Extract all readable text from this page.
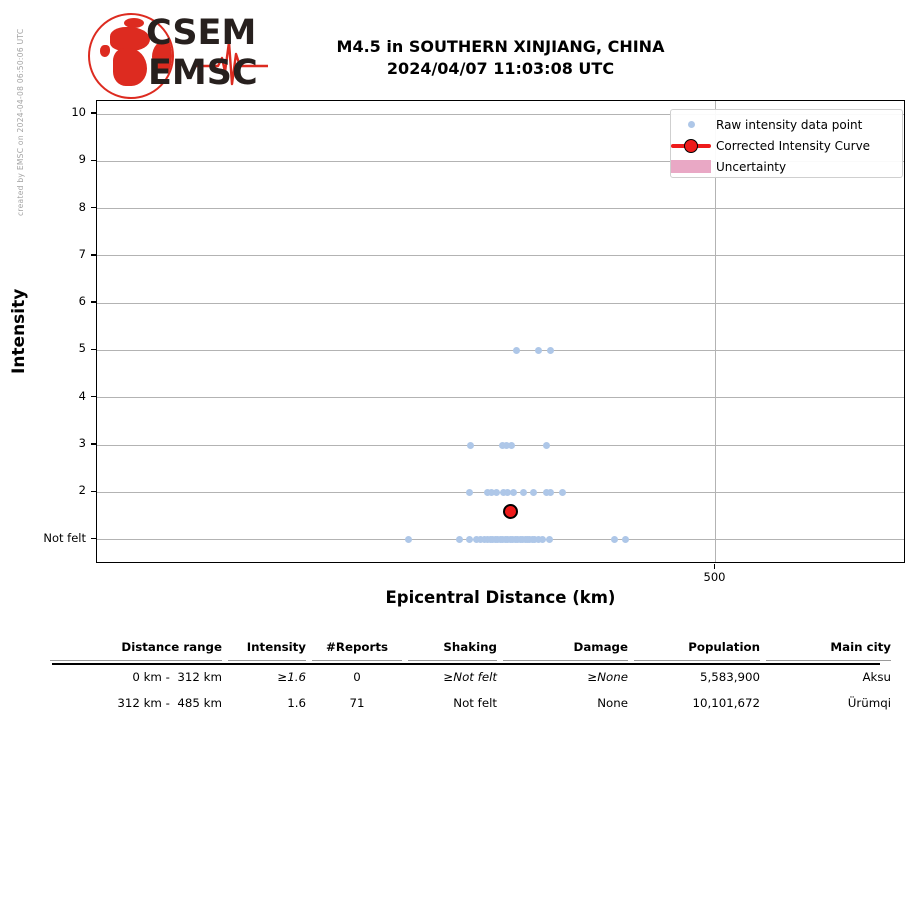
created by EMSC on 2024-04-08 06:50:06 UTC	CSEM
EMSC
M4.5 in SOUTHERN XINJIANG, CHINA
2024/04/07 11:03:08 UTC
Intensity
Raw intensity data point
Corrected Intensity Curve
Uncertainty
10
9
8
7
6
5
4
3
2
Not felt
500
Epicentral Distance (km)
Distance range	Intensity	#Reports	Shaking	Damage	Population	Main city
0 km -  312 km	≥1.6	0	≥Not felt	≥None	5,583,900	Aksu
312 km -  485 km	1.6	71	Not felt	None	10,101,672	Ürümqi
